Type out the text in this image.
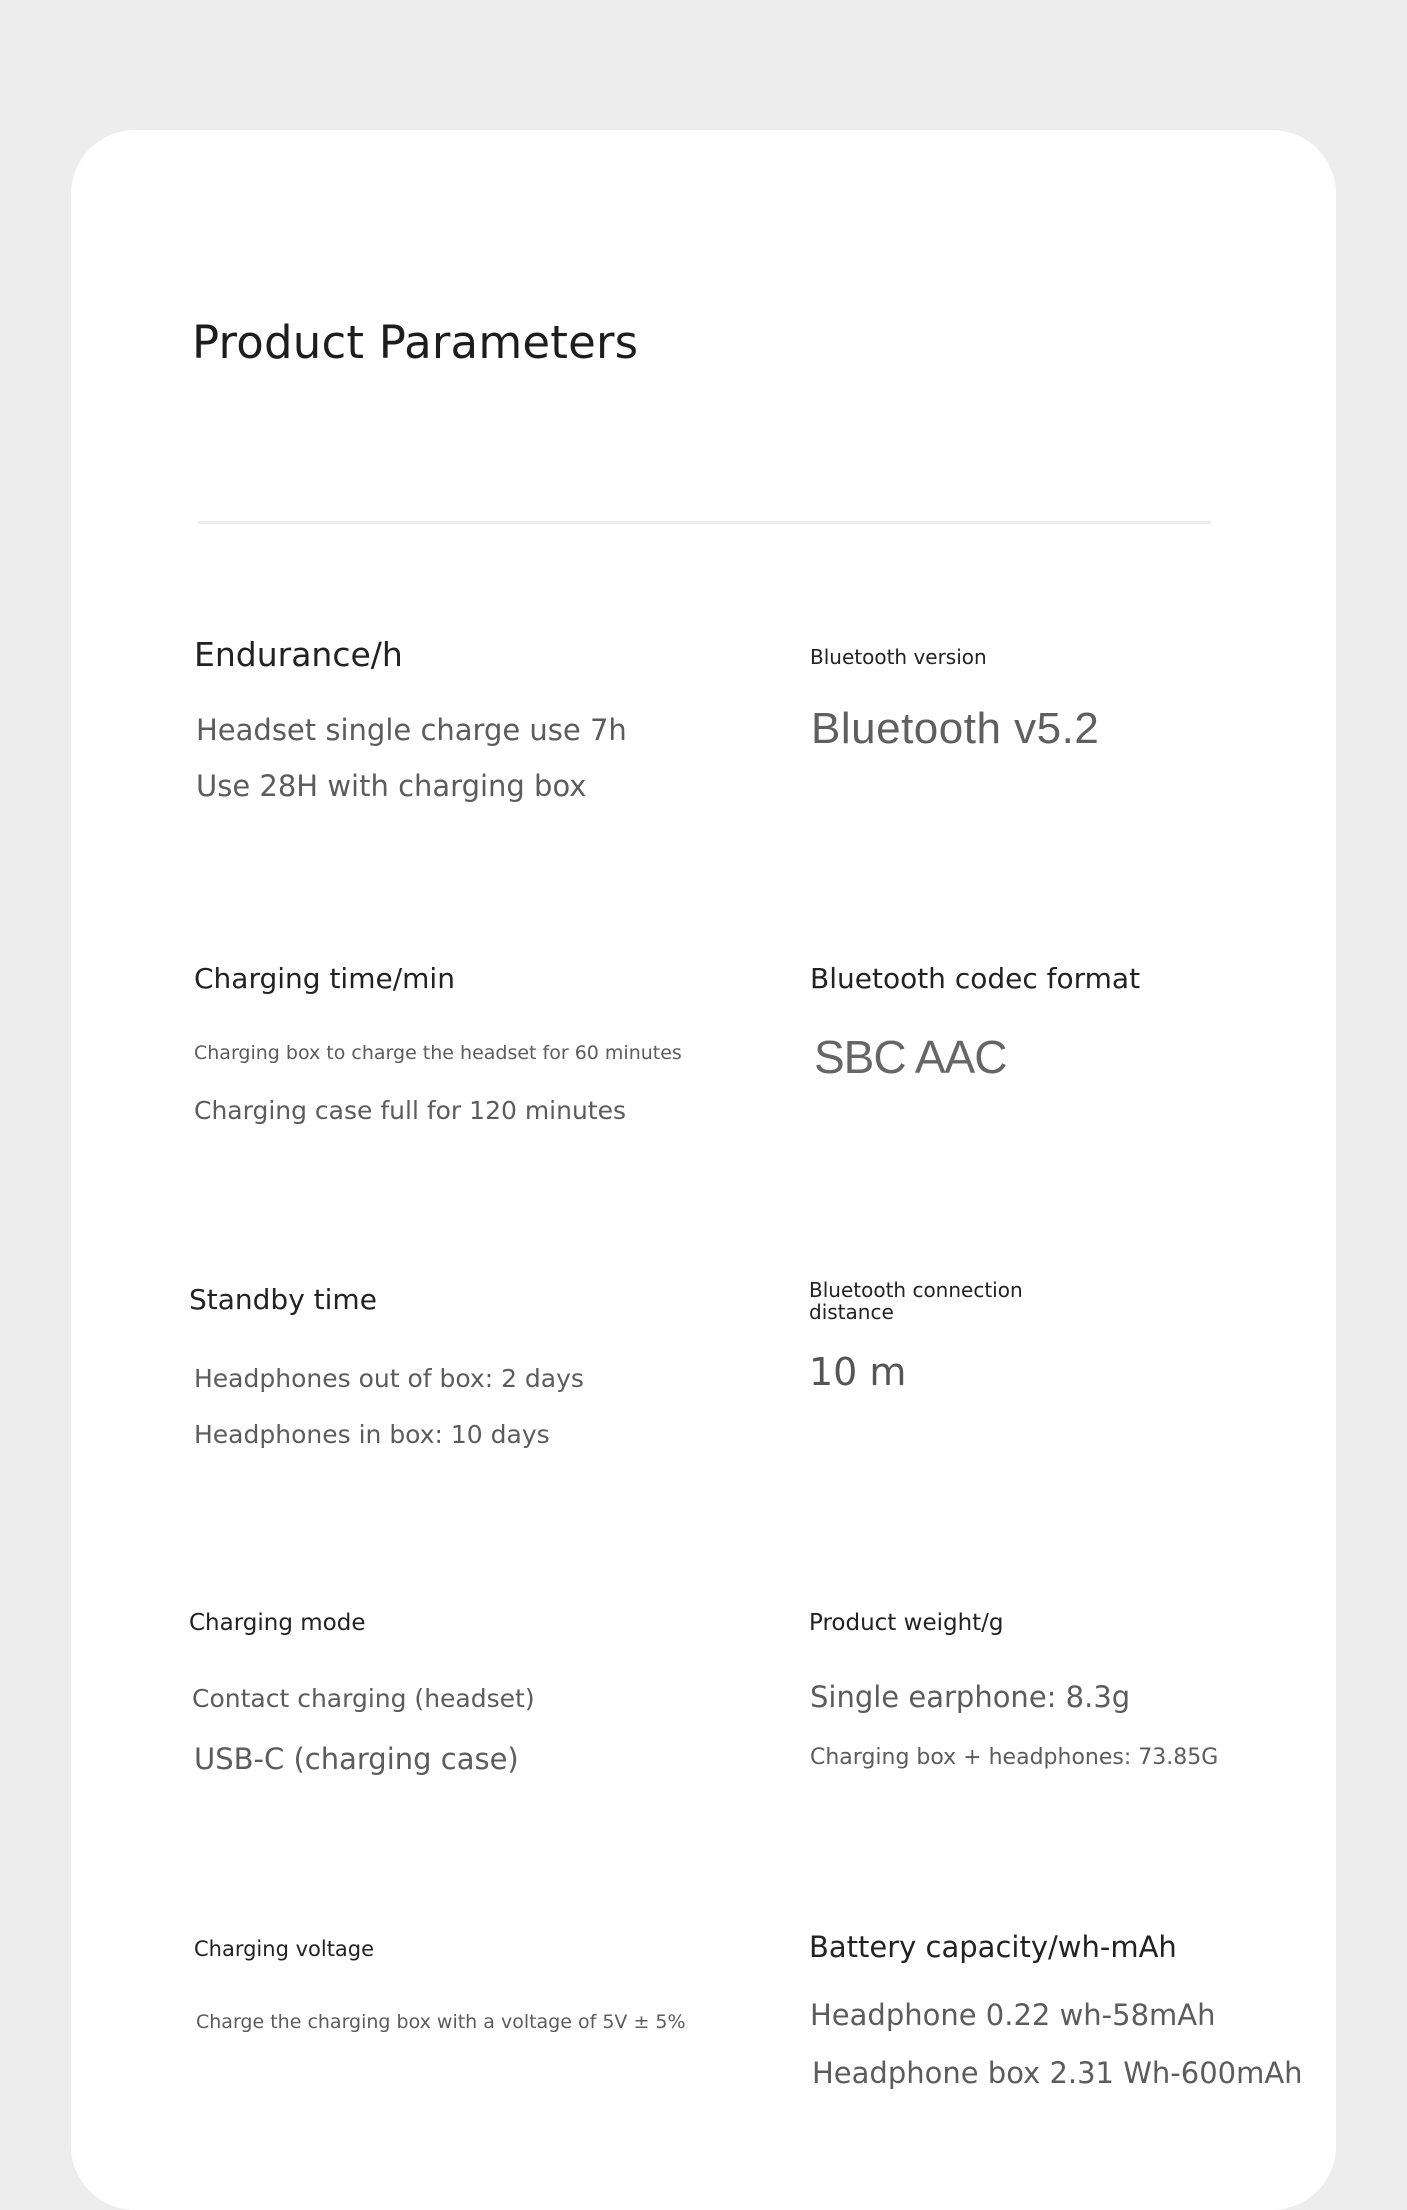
Product Parameters
Endurance/h
Headset single charge use 7h
Use 28H with charging box
Bluetooth version
Bluetooth v5.2
Charging time/min
Charging box to charge the headset for 60 minutes
Charging case full for 120 minutes
Bluetooth codec format
SBC AAC
Standby time
Headphones out of box: 2 days
Headphones in box: 10 days
Bluetooth connection
distance
10 m
Charging mode
Contact charging (headset)
USB-C (charging case)
Product weight/g
Single earphone: 8.3g
Charging box + headphones: 73.85G
Charging voltage
Charge the charging box with a voltage of 5V ± 5%
Battery capacity/wh-mAh
Headphone 0.22 wh-58mAh
Headphone box 2.31 Wh-600mAh
